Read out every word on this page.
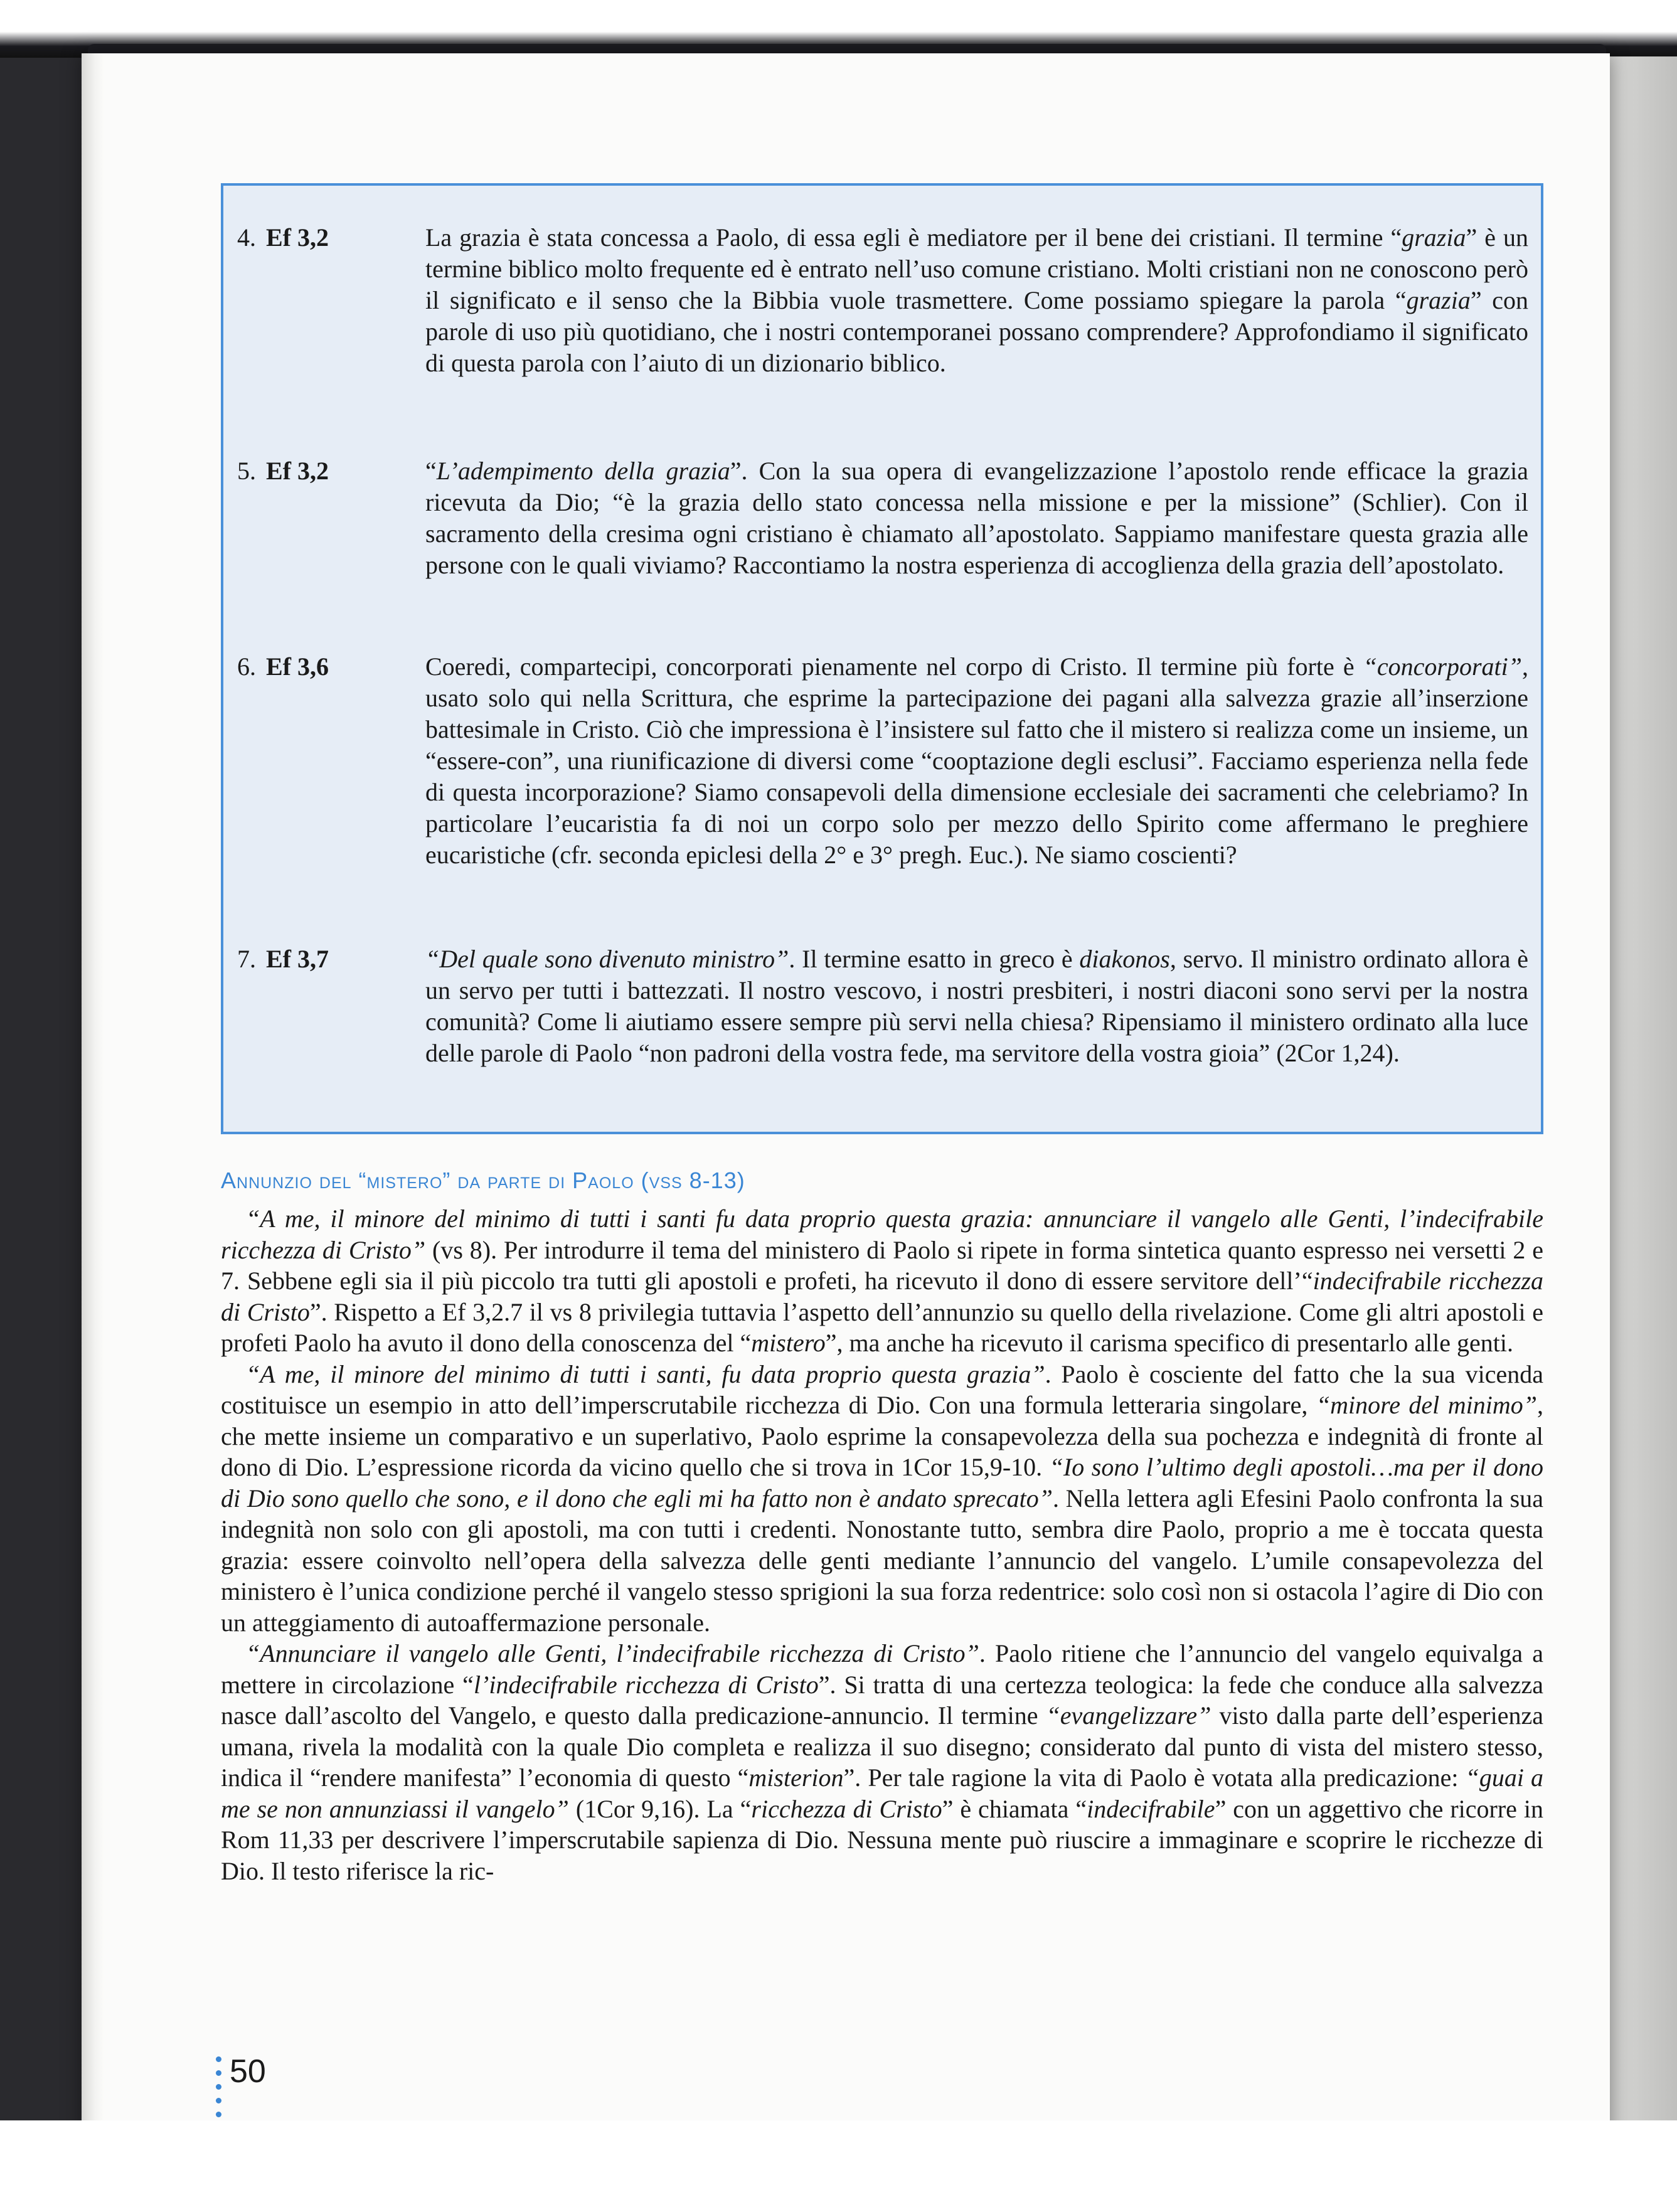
4. Ef 3,2	La grazia è stata concessa a Paolo, di essa egli è mediatore per il bene dei cristiani. Il termine “grazia” è un termine biblico molto frequente ed è entrato nell’uso comune cristiano. Molti cristiani non ne conoscono però il significato e il senso che la Bibbia vuole trasmettere. Come possiamo spiegare la parola “grazia” con parole di uso più quotidiano, che i nostri contemporanei possano comprendere? Approfondiamo il significato di questa parola con l’aiuto di un dizionario biblico.
5. Ef 3,2	“L’adempimento della grazia”. Con la sua opera di evangelizzazione l’apostolo rende efficace la grazia ricevuta da Dio; “è la grazia dello stato concessa nella missione e per la missione” (Schlier). Con il sacramento della cresima ogni cristiano è chiamato all’apostolato. Sappiamo manifestare questa grazia alle persone con le quali viviamo? Raccontiamo la nostra esperienza di accoglienza della grazia dell’apostolato.
6. Ef 3,6	Coeredi, compartecipi, concorporati pienamente nel corpo di Cristo. Il termine più forte è “concorporati”, usato solo qui nella Scrittura, che esprime la partecipazione dei pagani alla salvezza grazie all’inserzione battesimale in Cristo. Ciò che impressiona è l’insistere sul fatto che il mistero si realizza come un insieme, un “essere-con”, una riunificazione di diversi come “cooptazione degli esclusi”. Facciamo esperienza nella fede di questa incorporazione? Siamo consapevoli della dimensione ecclesiale dei sacramenti che celebriamo? In particolare l’eucaristia fa di noi un corpo solo per mezzo dello Spirito come affermano le preghiere eucaristiche (cfr. seconda epiclesi della 2° e 3° pregh. Euc.). Ne siamo coscienti?
7. Ef 3,7	“Del quale sono divenuto ministro”. Il termine esatto in greco è diakonos, servo. Il ministro ordinato allora è un servo per tutti i battezzati. Il nostro vescovo, i nostri presbiteri, i nostri diaconi sono servi per la nostra comunità? Come li aiutiamo essere sempre più servi nella chiesa? Ripensiamo il ministero ordinato alla luce delle parole di Paolo “non padroni della vostra fede, ma servitore della vostra gioia” (2Cor 1,24).
Annunzio del “mistero” da parte di Paolo (vss 8-13)

“A me, il minore del minimo di tutti i santi fu data proprio questa grazia: annunciare il vangelo alle Genti, l’indecifrabile ricchezza di Cristo” (vs 8). Per introdurre il tema del ministero di Paolo si ripete in forma sintetica quanto espresso nei versetti 2 e 7. Sebbene egli sia il più piccolo tra tutti gli apostoli e profeti, ha ricevuto il dono di essere servitore dell’“indecifrabile ricchezza di Cristo”. Rispetto a Ef 3,2.7 il vs 8 privilegia tuttavia l’aspetto dell’annunzio su quello della rivelazione. Come gli altri apostoli e profeti Paolo ha avuto il dono della conoscenza del “mistero”, ma anche ha ricevuto il carisma specifico di presentarlo alle genti.

“A me, il minore del minimo di tutti i santi, fu data proprio questa grazia”. Paolo è cosciente del fatto che la sua vicenda costituisce un esempio in atto dell’imperscrutabile ricchezza di Dio. Con una formula letteraria singolare, “minore del minimo”, che mette insieme un comparativo e un superlativo, Paolo esprime la consapevolezza della sua pochezza e indegnità di fronte al dono di Dio. L’espressione ricorda da vicino quello che si trova in 1Cor 15,9-10. “Io sono l’ultimo degli apostoli…ma per il dono di Dio sono quello che sono, e il dono che egli mi ha fatto non è andato sprecato”. Nella lettera agli Efesini Paolo confronta la sua indegnità non solo con gli apostoli, ma con tutti i credenti. Nonostante tutto, sembra dire Paolo, proprio a me è toccata questa grazia: essere coinvolto nell’opera della salvezza delle genti mediante l’annuncio del vangelo. L’umile consapevolezza del ministero è l’unica condizione perché il vangelo stesso sprigioni la sua forza redentrice: solo così non si ostacola l’agire di Dio con un atteggiamento di autoaffermazione personale.

“Annunciare il vangelo alle Genti, l’indecifrabile ricchezza di Cristo”. Paolo ritiene che l’annuncio del vangelo equivalga a mettere in circolazione “l’indecifrabile ricchezza di Cristo”. Si tratta di una certezza teologica: la fede che conduce alla salvezza nasce dall’ascolto del Vangelo, e questo dalla predicazione-annuncio. Il termine “evangelizzare” visto dalla parte dell’esperienza umana, rivela la modalità con la quale Dio completa e realizza il suo disegno; considerato dal punto di vista del mistero stesso, indica il “rendere manifesta” l’economia di questo “misterion”. Per tale ragione la vita di Paolo è votata alla predicazione: “guai a me se non annunziassi il vangelo” (1Cor 9,16). La “ricchezza di Cristo” è chiamata “indecifrabile” con un aggettivo che ricorre in Rom 11,33 per descrivere l’imperscrutabile sapienza di Dio. Nessuna mente può riuscire a immaginare e scoprire le ricchezze di Dio. Il testo riferisce la ric-

50
